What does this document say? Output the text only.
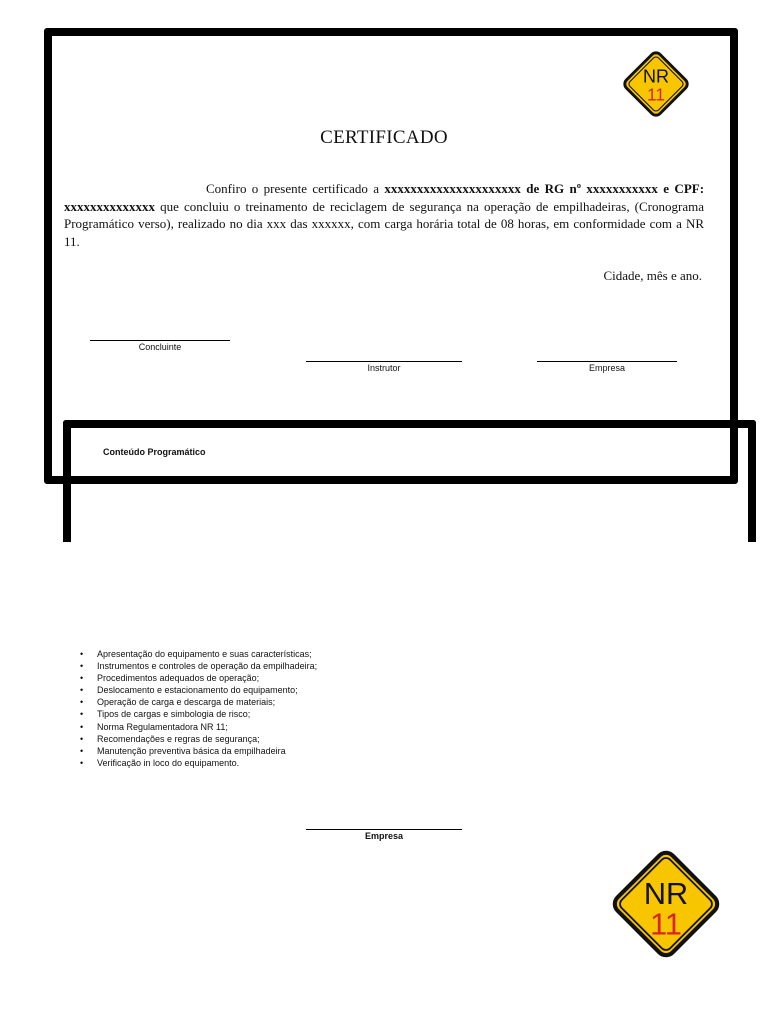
NR
11
CERTIFICADO
Confiro o presente certificado a xxxxxxxxxxxxxxxxxxxxx de RG nº xxxxxxxxxxx e CPF: xxxxxxxxxxxxxx que concluiu o treinamento de reciclagem de segurança na operação de empilhadeiras, (Cronograma Programático verso), realizado no dia xxx das xxxxxx, com carga horária total de 08 horas, em conformidade com a NR 11.
Cidade, mês e ano.
Concluinte
Instrutor	Empresa
Conteúdo Programático
• Apresentação do equipamento e suas características;
• Instrumentos e controles de operação da empilhadeira;
• Procedimentos adequados de operação;
• Deslocamento e estacionamento do equipamento;
• Operação de carga e descarga de materiais;
• Tipos de cargas e simbologia de risco;
• Norma Regulamentadora NR 11;
• Recomendações e regras de segurança;
• Manutenção preventiva básica da empilhadeira
• Verificação in loco do equipamento.
Empresa
NR
11
